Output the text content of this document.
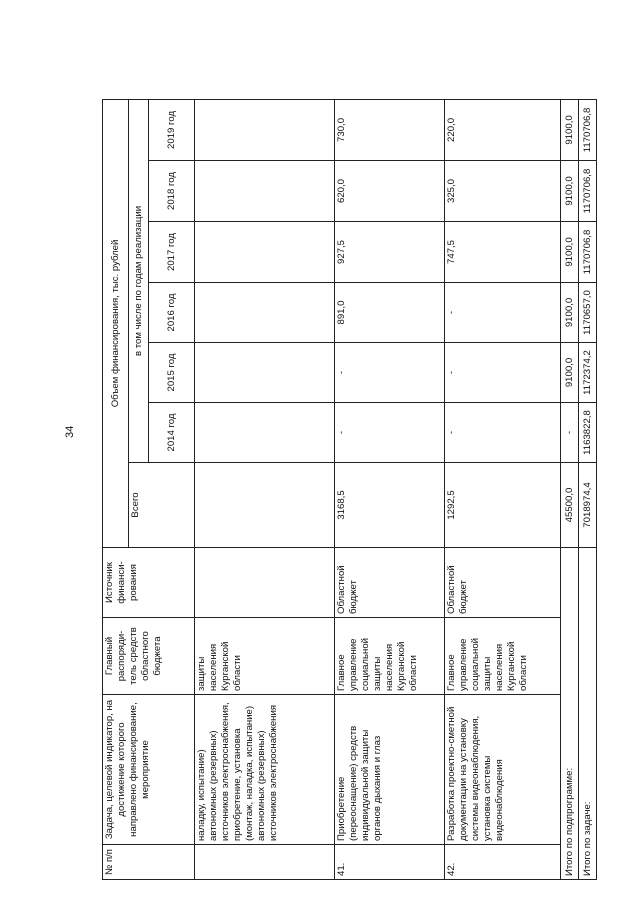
34
№ п/п	Задача, целевой индикатор, на достижение которого направлено финансирование, мероприятие	Главный распоряди-тель средств областного бюджета	Источник финанси-рования	Объем финансирования, тыс. рублей						
				Всего	в том числе по годам реализации					
					2014 год	2015 год	2016 год	2017 год	2018 год	2019 год
	наладку, испытание) автономных (резервных) источников электроснабжения, приобретение, установка (монтаж, наладка, испытание) автономных (резервных) источников электроснабжения	защиты населения Курганской области								
41.	Приобретение (переоснащение) средств индивидуальной защиты органов дыхания и глаз	Главное управление социальной защиты населения Курганской области	Областной бюджет	3168,5	-	-	891,0	927,5	620,0	730,0
42.	Разработка проектно-сметной документации на установку системы видеонаблюдения, установка системы видеонаблюдения	Главное управление социальной защиты населения Курганской области	Областной бюджет	1292,5	-	-	-	747,5	325,0	220,0
Итого по подпрограмме:				45500,0	-	9100,0	9100,0	9100,0	9100,0	9100,0
Итого по задаче:				7018974,4	1163822,8	1172374,2	1170657,0	1170706,8	1170706,8	1170706,8
